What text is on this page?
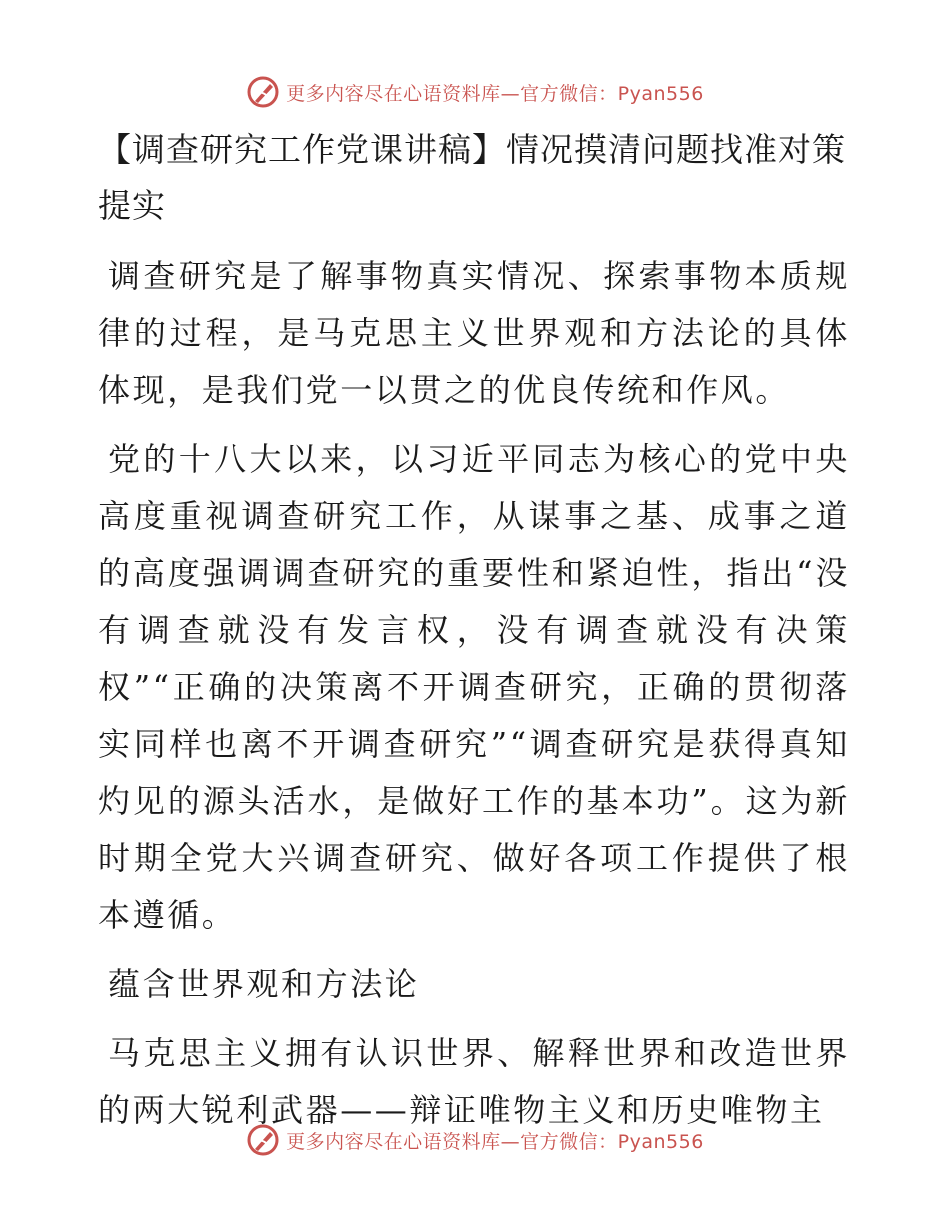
更多内容尽在心语资料库—官方微信：Pyan556
【调查研究工作党课讲稿】情况摸清问题找准对策提实

调查研究是了解事物真实情况、探索事物本质规律的过程，是马克思主义世界观和方法论的具体体现，是我们党一以贯之的优良传统和作风。

党的十八大以来，以习近平同志为核心的党中央高度重视调查研究工作，从谋事之基、成事之道的高度强调调查研究的重要性和紧迫性，指出“没有调查就没有发言权，没有调查就没有决策权”“正确的决策离不开调查研究，正确的贯彻落实同样也离不开调查研究”“调查研究是获得真知灼见的源头活水，是做好工作的基本功”。这为新时期全党大兴调查研究、做好各项工作提供了根本遵循。

蕴含世界观和方法论

马克思主义拥有认识世界、解释世界和改造世界的两大锐利武器——辩证唯物主义和历史唯物主

更多内容尽在心语资料库—官方微信：Pyan556
